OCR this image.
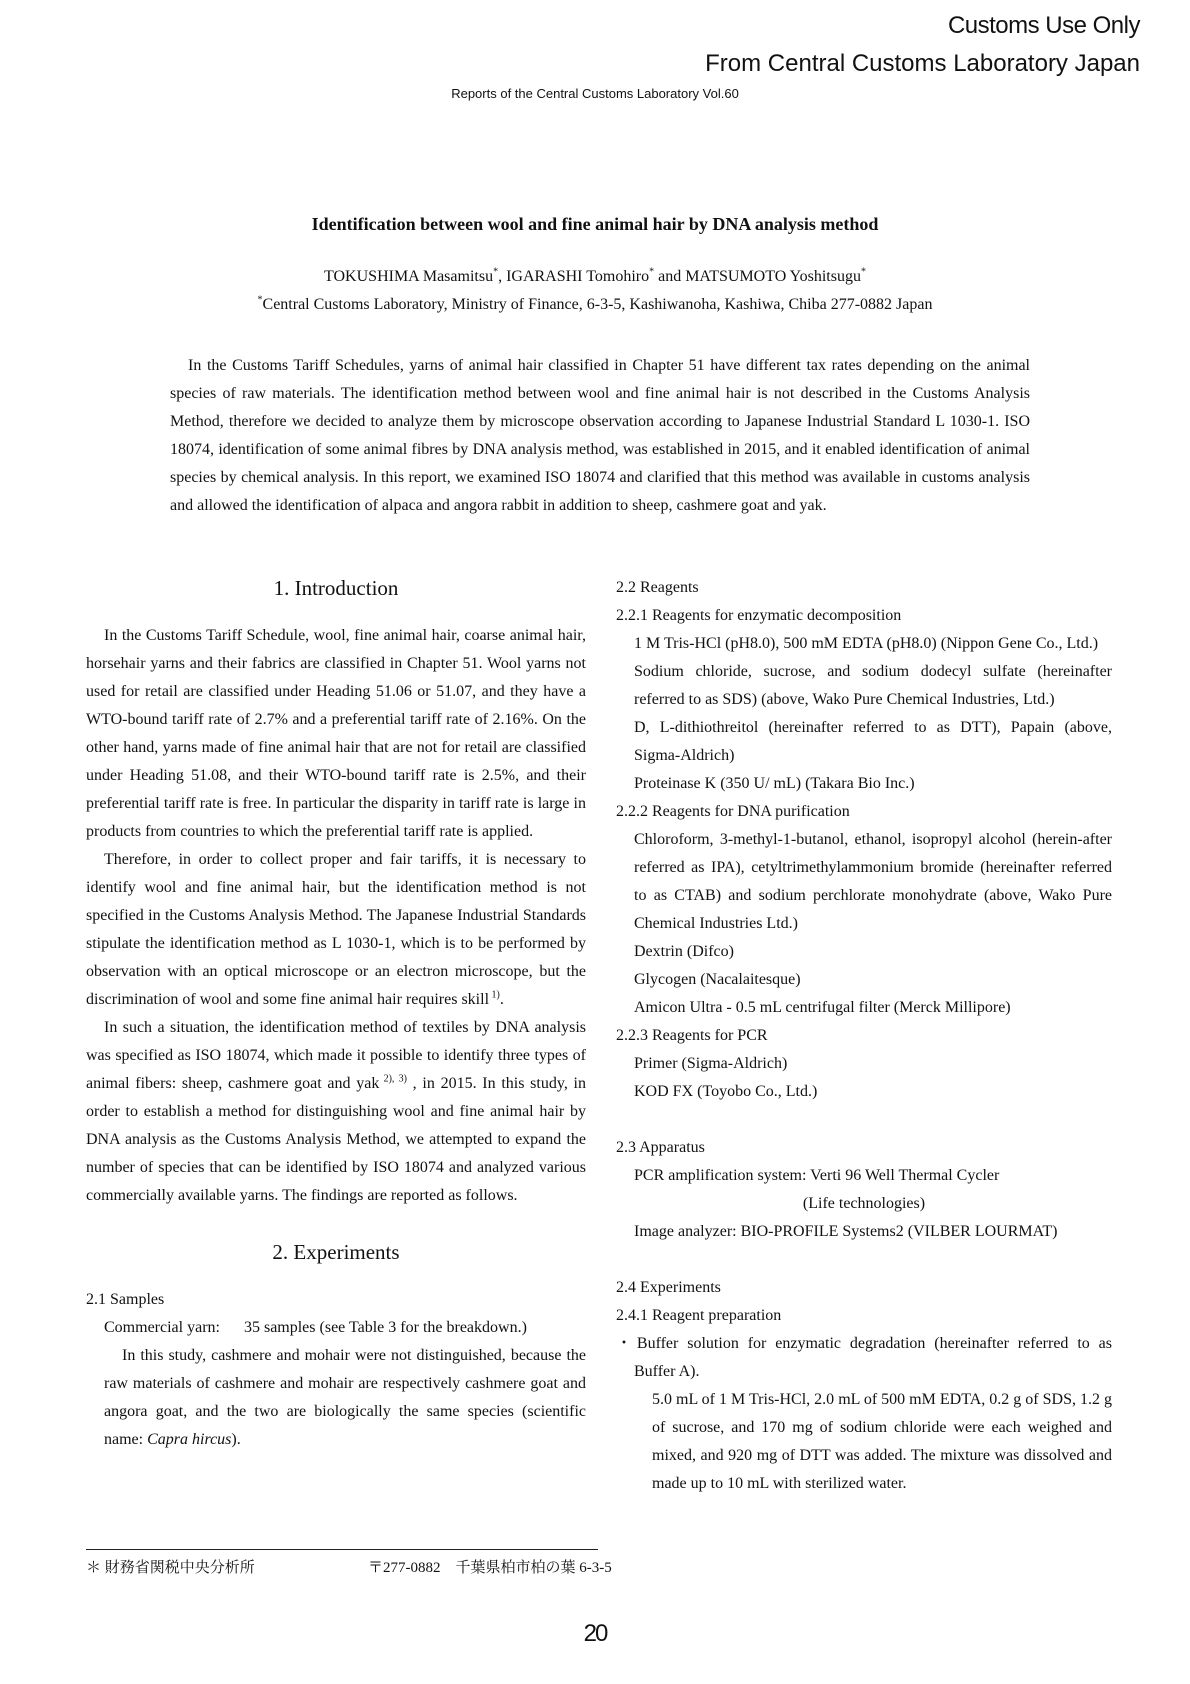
Customs Use Only
From Central Customs Laboratory Japan
Reports of the Central Customs Laboratory Vol.60
Identification between wool and fine animal hair by DNA analysis method
TOKUSHIMA Masamitsu*, IGARASHI Tomohiro* and MATSUMOTO Yoshitsugu*
*Central Customs Laboratory, Ministry of Finance, 6-3-5, Kashiwanoha, Kashiwa, Chiba 277-0882 Japan

In the Customs Tariff Schedules, yarns of animal hair classified in Chapter 51 have different tax rates depending on the animal species of raw materials. The identification method between wool and fine animal hair is not described in the Customs Analysis Method, therefore we decided to analyze them by microscope observation according to Japanese Industrial Standard L 1030-1. ISO 18074, identification of some animal fibres by DNA analysis method, was established in 2015, and it enabled identification of animal species by chemical analysis. In this report, we examined ISO 18074 and clarified that this method was available in customs analysis and allowed the identification of alpaca and angora rabbit in addition to sheep, cashmere goat and yak.

1. Introduction

In the Customs Tariff Schedule, wool, fine animal hair, coarse animal hair, horsehair yarns and their fabrics are classified in Chapter 51. Wool yarns not used for retail are classified under Heading 51.06 or 51.07, and they have a WTO-bound tariff rate of 2.7% and a preferential tariff rate of 2.16%. On the other hand, yarns made of fine animal hair that are not for retail are classified under Heading 51.08, and their WTO-bound tariff rate is 2.5%, and their preferential tariff rate is free. In particular the disparity in tariff rate is large in products from countries to which the preferential tariff rate is applied.

Therefore, in order to collect proper and fair tariffs, it is necessary to identify wool and fine animal hair, but the identification method is not specified in the Customs Analysis Method. The Japanese Industrial Standards stipulate the identification method as L 1030-1, which is to be performed by observation with an optical microscope or an electron microscope, but the discrimination of wool and some fine animal hair requires skill $^{1)}$.

In such a situation, the identification method of textiles by DNA analysis was specified as ISO 18074, which made it possible to identify three types of animal fibers: sheep, cashmere goat and yak $^{2), 3)}$ , in 2015. In this study, in order to establish a method for distinguishing wool and fine animal hair by DNA analysis as the Customs Analysis Method, we attempted to expand the number of species that can be identified by ISO 18074 and analyzed various commercially available yarns. The findings are reported as follows.

2. Experiments

2.1 Samples

Commercial yarn:      35 samples (see Table 3 for the breakdown.)

In this study, cashmere and mohair were not distinguished, because the raw materials of cashmere and mohair are respectively cashmere goat and angora goat, and the two are biologically the same species (scientific name: Capra hircus).

2.2 Reagents

2.2.1 Reagents for enzymatic decomposition

1 M Tris-HCl (pH8.0), 500 mM EDTA (pH8.0) (Nippon Gene Co., Ltd.)

Sodium chloride, sucrose, and sodium dodecyl sulfate (hereinafter referred to as SDS) (above, Wako Pure Chemical Industries, Ltd.)

D, L-dithiothreitol (hereinafter referred to as DTT), Papain (above, Sigma-Aldrich)

Proteinase K (350 U/ mL) (Takara Bio Inc.)

2.2.2 Reagents for DNA purification

Chloroform, 3-methyl-1-butanol, ethanol, isopropyl alcohol (herein-after referred as IPA), cetyltrimethylammonium bromide (hereinafter referred to as CTAB) and sodium perchlorate monohydrate (above, Wako Pure Chemical Industries Ltd.)

Dextrin (Difco)

Glycogen (Nacalaitesque)

Amicon Ultra - 0.5 mL centrifugal filter (Merck Millipore)

2.2.3 Reagents for PCR

Primer (Sigma-Aldrich)

KOD FX (Toyobo Co., Ltd.)

2.3 Apparatus

PCR amplification system: Verti 96 Well Thermal Cycler

(Life technologies)

Image analyzer: BIO-PROFILE Systems2 (VILBER LOURMAT)

2.4 Experiments

2.4.1 Reagent preparation

・Buffer solution for enzymatic degradation (hereinafter referred to as Buffer A).

5.0 mL of 1 M Tris-HCl, 2.0 mL of 500 mM EDTA, 0.2 g of SDS, 1.2 g of sucrose, and 170 mg of sodium chloride were each weighed and mixed, and 920 mg of DTT was added. The mixture was dissolved and made up to 10 mL with sterilized water.

＊ 財務省関税中央分析所	〒277-0882　千葉県柏市柏の葉 6-3-5
20
